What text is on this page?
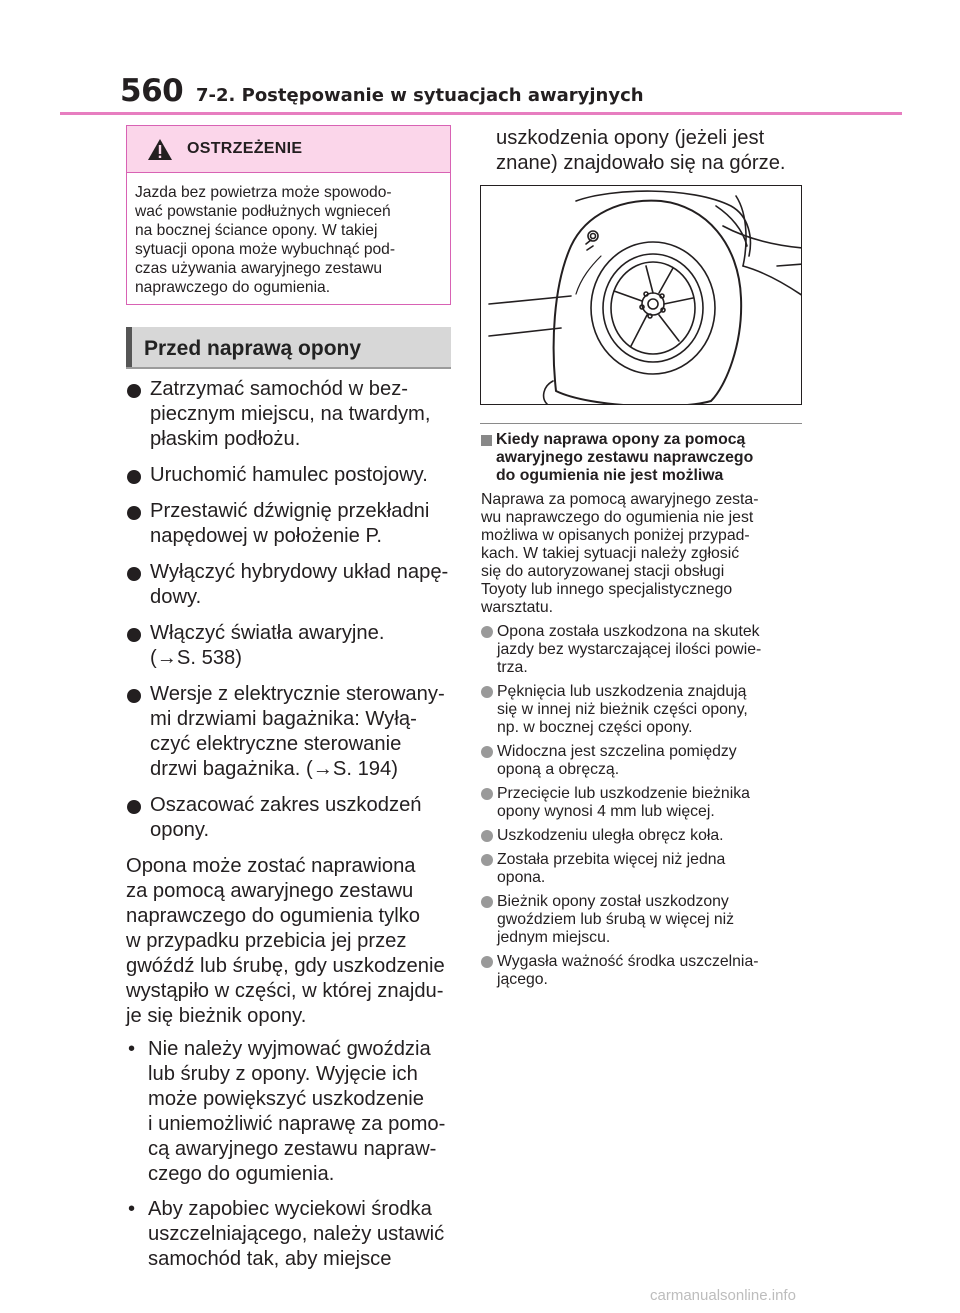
560 7-2. Postępowanie w sytuacjach awaryjnych
OSTRZEŻENIE
Jazda bez powietrza może spowodo-
wać powstanie podłużnych wgnieceń
na bocznej ściance opony. W takiej
sytuacji opona może wybuchnąć pod-
czas używania awaryjnego zestawu
naprawczego do ogumienia.
Przed naprawą opony
Zatrzymać samochód w bez-
piecznym miejscu, na twardym,
płaskim podłożu.
Uruchomić hamulec postojowy.
Przestawić dźwignię przekładni
napędowej w położenie P.
Wyłączyć hybrydowy układ napę-
dowy.
Włączyć światła awaryjne.
(→S. 538)
Wersje z elektrycznie sterowany-
mi drzwiami bagażnika: Wyłą-
czyć elektryczne sterowanie
drzwi bagażnika. (→S. 194)
Oszacować zakres uszkodzeń
opony.
Opona może zostać naprawiona
za pomocą awaryjnego zestawu
naprawczego do ogumienia tylko
w przypadku przebicia jej przez
gwóźdź lub śrubę, gdy uszkodzenie
wystąpiło w części, w której znajdu-
je się bieżnik opony.
• Nie należy wyjmować gwoździa
lub śruby z opony. Wyjęcie ich
może powiększyć uszkodzenie
i uniemożliwić naprawę za pomo-
cą awaryjnego zestawu napraw-
czego do ogumienia.
• Aby zapobiec wyciekowi środka
uszczelniającego, należy ustawić
samochód tak, aby miejsce
uszkodzenia opony (jeżeli jest
znane) znajdowało się na górze.
Kiedy naprawa opony za pomocą
awaryjnego zestawu naprawczego
do ogumienia nie jest możliwa
Naprawa za pomocą awaryjnego zesta-
wu naprawczego do ogumienia nie jest
możliwa w opisanych poniżej przypad-
kach. W takiej sytuacji należy zgłosić
się do autoryzowanej stacji obsługi
Toyoty lub innego specjalistycznego
warsztatu.
Opona została uszkodzona na skutek
jazdy bez wystarczającej ilości powie-
trza.
Pęknięcia lub uszkodzenia znajdują
się w innej niż bieżnik części opony,
np. w bocznej części opony.
Widoczna jest szczelina pomiędzy
oponą a obręczą.
Przecięcie lub uszkodzenie bieżnika
opony wynosi 4 mm lub więcej.
Uszkodzeniu uległa obręcz koła.
Została przebita więcej niż jedna
opona.
Bieżnik opony został uszkodzony
gwoździem lub śrubą w więcej niż
jednym miejscu.
Wygasła ważność środka uszczelnia-
jącego.
carmanualsonline.info
